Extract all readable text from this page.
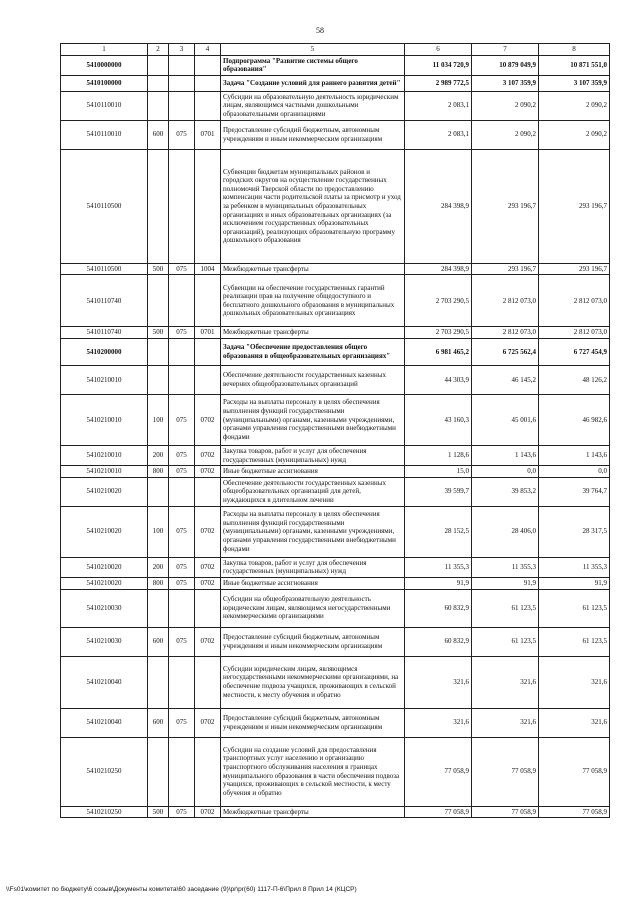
58
1	2	3	4	5	6	7	8
5410000000				Подпрограмма "Развитие системы общего образования"	11 034 720,9	10 879 049,9	10 871 551,0
5410100000				Задача "Создание условий для раннего развития детей"	2 989 772,5	3 107 359,9	3 107 359,9
5410110010				Субсидии на образовательную деятельность юридическим лицам, являющимся частными дошкольными образовательными организациями	2 083,1	2 090,2	2 090,2
5410110010	600	075	0701	Предоставление субсидий бюджетным, автономным учреждениям и иным некоммерческим организациям	2 083,1	2 090,2	2 090,2
5410110500				Субвенции бюджетам муниципальных районов и городских округов на осуществление государственных полномочий Тверской области по предоставлению компенсации части родительской платы за присмотр и уход за ребенком в муниципальных образовательных организациях и иных образовательных организациях (за исключением государственных образовательных организаций), реализующих образовательную программу дошкольного образования	284 398,9	293 196,7	293 196,7
5410110500	500	075	1004	Межбюджетные трансферты	284 398,9	293 196,7	293 196,7
5410110740				Субвенции на обеспечение государственных гарантий реализации прав на получение общедоступного и бесплатного дошкольного образования в муниципальных дошкольных образовательных организациях	2 703 290,5	2 812 073,0	2 812 073,0
5410110740	500	075	0701	Межбюджетные трансферты	2 703 290,5	2 812 073,0	2 812 073,0
5410200000				Задача "Обеспечение предоставления общего образования в общеобразовательных организациях"	6 981 465,2	6 725 562,4	6 727 454,9
5410210010				Обеспечение деятельности государственных казенных вечерних общеобразовательных организаций	44 303,9	46 145,2	48 126,2
5410210010	100	075	0702	Расходы на выплаты персоналу в целях обеспечения выполнения функций государственными (муниципальными) органами, казенными учреждениями, органами управления государственными внебюджетными фондами	43 160,3	45 001,6	46 982,6
5410210010	200	075	0702	Закупка товаров, работ и услуг для обеспечения государственных (муниципальных) нужд	1 128,6	1 143,6	1 143,6
5410210010	800	075	0702	Иные бюджетные ассигнования	15,0	0,0	0,0
5410210020				Обеспечение деятельности государственных казенных общеобразовательных организаций для детей, нуждающихся в длительном лечении	39 599,7	39 853,2	39 764,7
5410210020	100	075	0702	Расходы на выплаты персоналу в целях обеспечения выполнения функций государственными (муниципальными) органами, казенными учреждениями, органами управления государственными внебюджетными фондами	28 152,5	28 406,0	28 317,5
5410210020	200	075	0702	Закупка товаров, работ и услуг для обеспечения государственных (муниципальных) нужд	11 355,3	11 355,3	11 355,3
5410210020	800	075	0702	Иные бюджетные ассигнования	91,9	91,9	91,9
5410210030				Субсидии на общеобразовательную деятельность юридическим лицам, являющимся негосударственными некоммерческими организациями	60 832,9	61 123,5	61 123,5
5410210030	600	075	0702	Предоставление субсидий бюджетным, автономным учреждениям и иным некоммерческим организациям	60 832,9	61 123,5	61 123,5
5410210040				Субсидии юридическим лицам, являющимся негосударственными некоммерческими организациями, на обеспечение подвоза учащихся, проживающих в сельской местности, к месту обучения и обратно	321,6	321,6	321,6
5410210040	600	075	0702	Предоставление субсидий бюджетным, автономным учреждениям и иным некоммерческим организациям	321,6	321,6	321,6
5410210250				Субсидии на создание условий для предоставления транспортных услуг населению и организацию транспортного обслуживания населения в границах муниципального образования в части обеспечения подвоза учащихся, проживающих в сельской местности, к месту обучения и обратно	77 058,9	77 058,9	77 058,9
5410210250	500	075	0702	Межбюджетные трансферты	77 058,9	77 058,9	77 058,9
\\Fs01\комитет по бюджету\6 созыв\Документы комитета\60 заседание (9)\pr\pr(60) 1117-П-6\Прил 8 Прил 14 (КЦСР)
